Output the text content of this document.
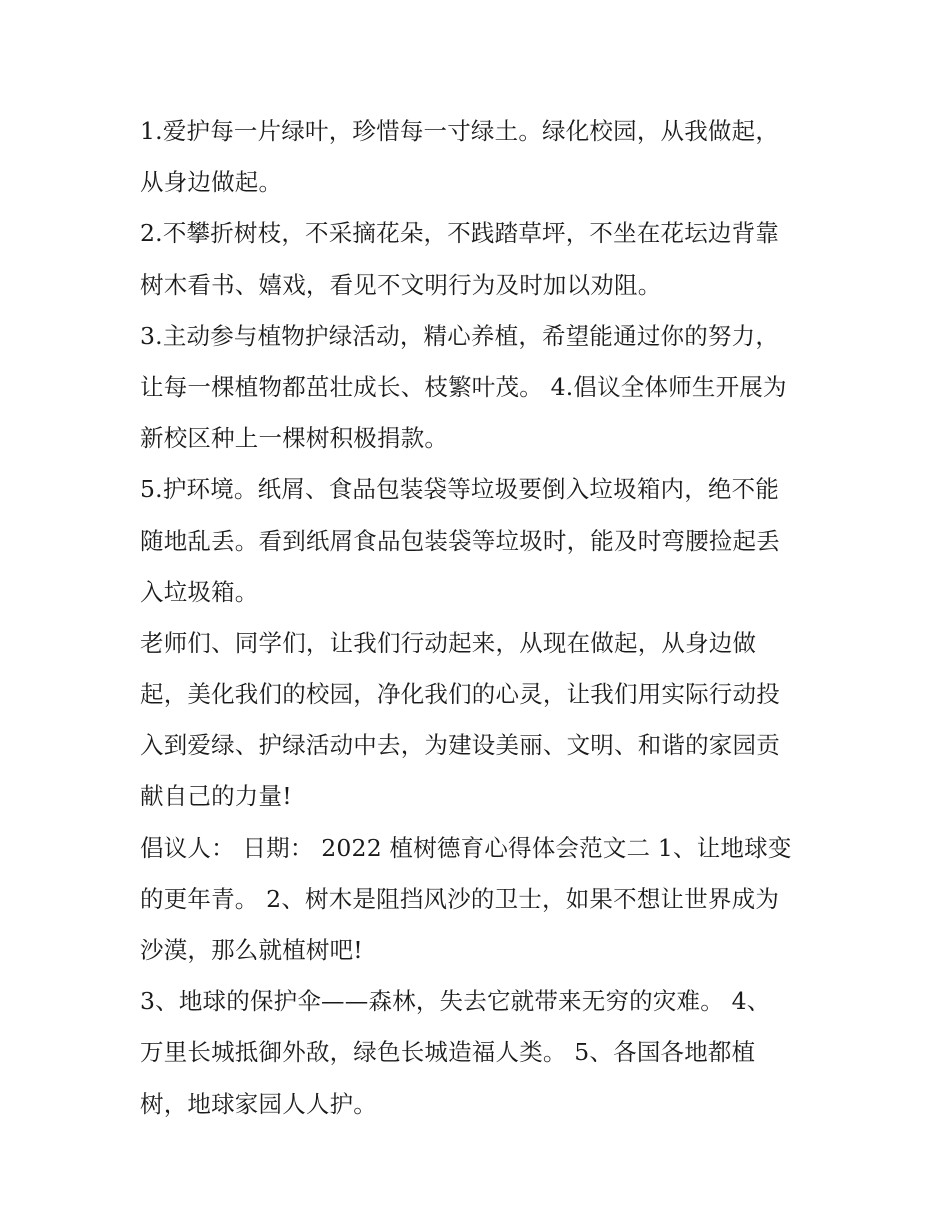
1.爱护每一片绿叶，珍惜每一寸绿土。绿化校园，从我做起，
从身边做起。

2.不攀折树枝，不采摘花朵，不践踏草坪，不坐在花坛边背靠
树木看书、嬉戏，看见不文明行为及时加以劝阻。

3.主动参与植物护绿活动，精心养植，希望能通过你的努力，
让每一棵植物都茁壮成长、枝繁叶茂。 4.倡议全体师生开展为
新校区种上一棵树积极捐款。

5.护环境。纸屑、食品包装袋等垃圾要倒入垃圾箱内，绝不能
随地乱丢。看到纸屑食品包装袋等垃圾时，能及时弯腰捡起丢
入垃圾箱。

老师们、同学们，让我们行动起来，从现在做起，从身边做
起，美化我们的校园，净化我们的心灵，让我们用实际行动投
入到爱绿、护绿活动中去，为建设美丽、文明、和谐的家园贡
献自己的力量!

倡议人： 日期： 2022 植树德育心得体会范文二 1、让地球变
的更年青。 2、树木是阻挡风沙的卫士，如果不想让世界成为
沙漠，那么就植树吧!

3、地球的保护伞——森林，失去它就带来无穷的灾难。 4、
万里长城抵御外敌，绿色长城造福人类。 5、各国各地都植
树，地球家园人人护。
